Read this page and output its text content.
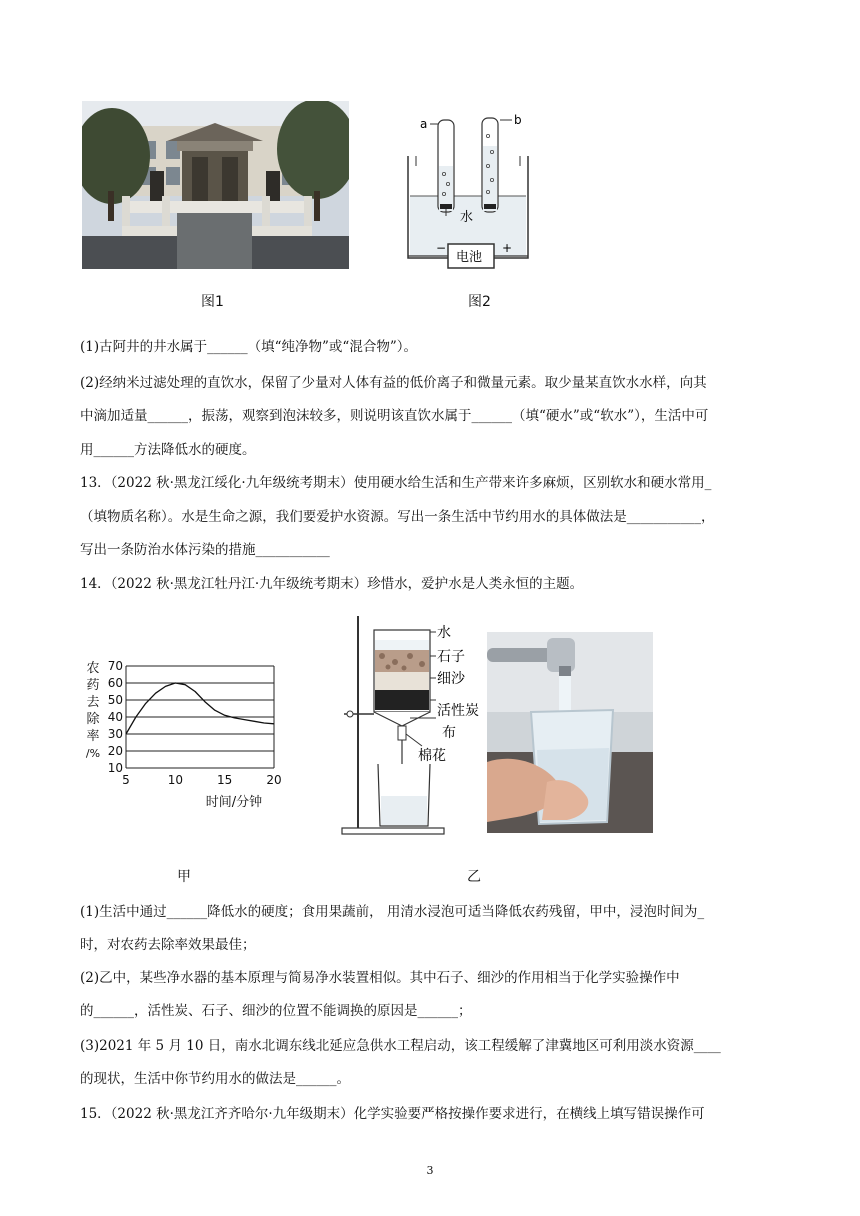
图1
a	b
水
电池
−	+
图2
(1)古阿井的井水属于______（填“纯净物”或“混合物”）。
(2)经纳米过滤处理的直饮水，保留了少量对人体有益的低价离子和微量元素。取少量某直饮水水样，向其
中滴加适量______，振荡，观察到泡沫较多，则说明该直饮水属于______（填“硬水”或“软水”），生活中可
用______方法降低水的硬度。
13．（2022 秋·黑龙江绥化·九年级统考期末）使用硬水给生活和生产带来许多麻烦，区别软水和硬水常用_
（填物质名称）。水是生命之源，我们要爱护水资源。写出一条生活中节约用水的具体做法是___________，
写出一条防治水体污染的措施___________
14．（2022 秋·黑龙江牡丹江·九年级统考期末）珍惜水，爱护水是人类永恒的主题。
农
药
去
除
率
/%
10
20
30
40
50
60
70
5	10	15	20
时间/分钟
甲
水
石子
细沙
活性炭
布
棉花
乙
(1)生活中通过______降低水的硬度；食用果蔬前， 用清水浸泡可适当降低农药残留，甲中，浸泡时间为_
时，对农药去除率效果最佳；
(2)乙中，某些净水器的基本原理与简易净水装置相似。其中石子、细沙的作用相当于化学实验操作中
的______，活性炭、石子、细沙的位置不能调换的原因是______；
(3)2021 年 5 月 10 日，南水北调东线北延应急供水工程启动，该工程缓解了津冀地区可利用淡水资源____
的现状，生活中你节约用水的做法是______。
15．（2022 秋·黑龙江齐齐哈尔·九年级期末）化学实验要严格按操作要求进行，在横线上填写错误操作可
3
